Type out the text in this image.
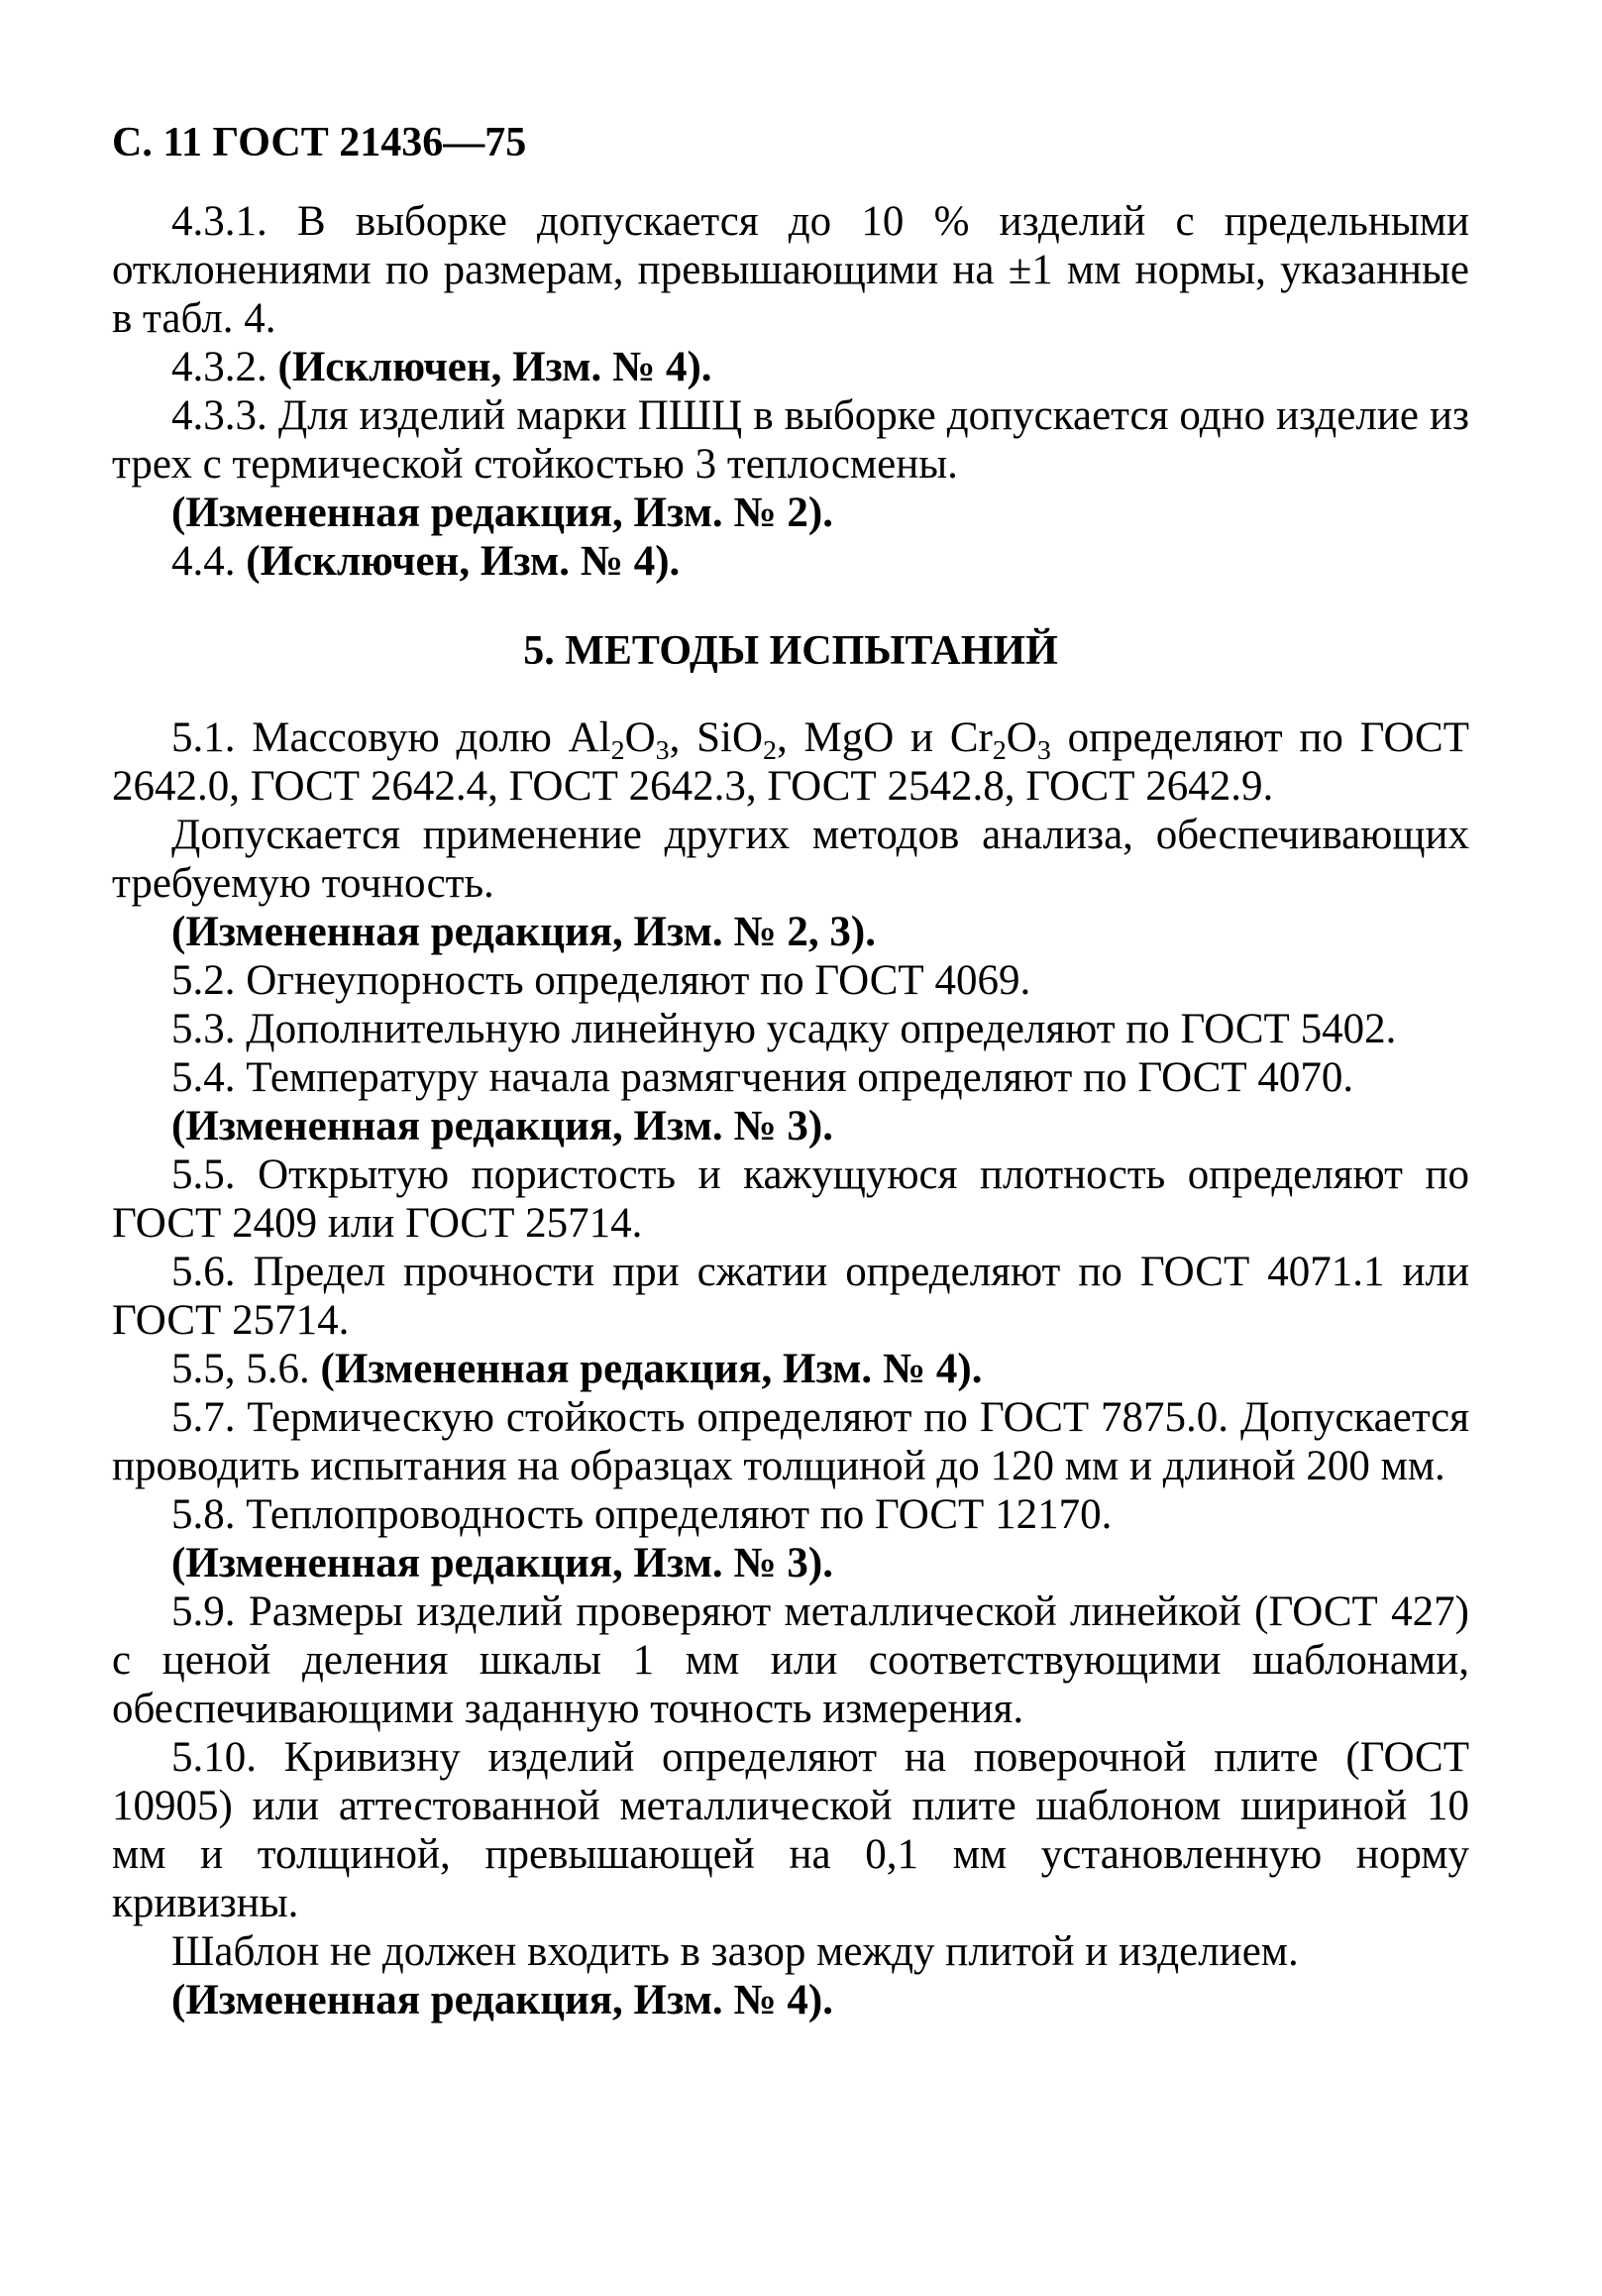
С. 11 ГОСТ 21436—75

4.3.1. В выборке допускается до 10 % изделий с предельными отклонениями по размерам, превышающими на ±1 мм нормы, указанные в табл. 4.

4.3.2. (Исключен, Изм. № 4).

4.3.3. Для изделий марки ПШЦ в выборке допускается одно изделие из трех с термической стойкостью 3 теплосмены.

(Измененная редакция, Изм. № 2).

4.4. (Исключен, Изм. № 4).

5. МЕТОДЫ ИСПЫТАНИЙ

5.1. Массовую долю $Al_2O_3$, SiO$_2$, MgO и $Cr_2O_3$ определяют по ГОСТ 2642.0, ГОСТ 2642.4, ГОСТ 2642.3, ГОСТ 2542.8, ГОСТ 2642.9.

Допускается применение других методов анализа, обеспечивающих требуемую точность.

(Измененная редакция, Изм. № 2, 3).

5.2. Огнеупорность определяют по ГОСТ 4069.

5.3. Дополнительную линейную усадку определяют по ГОСТ 5402.

5.4. Температуру начала размягчения определяют по ГОСТ 4070.

(Измененная редакция, Изм. № 3).

5.5. Открытую пористость и кажущуюся плотность определяют по ГОСТ 2409 или ГОСТ 25714.

5.6. Предел прочности при сжатии определяют по ГОСТ 4071.1 или ГОСТ 25714.

5.5, 5.6. (Измененная редакция, Изм. № 4).

5.7. Термическую стойкость определяют по ГОСТ 7875.0. Допускается проводить испытания на образцах толщиной до 120 мм и длиной 200 мм.

5.8. Теплопроводность определяют по ГОСТ 12170.

(Измененная редакция, Изм. № 3).

5.9. Размеры изделий проверяют металлической линейкой (ГОСТ 427) с ценой деления шкалы 1 мм или соответствующими шаблонами, обеспечивающими заданную точность измерения.

5.10. Кривизну изделий определяют на поверочной плите (ГОСТ 10905) или аттестованной металлической плите шаблоном шириной 10 мм и толщиной, превышающей на 0,1 мм установленную норму кривизны.

Шаблон не должен входить в зазор между плитой и изделием.

(Измененная редакция, Изм. № 4).
